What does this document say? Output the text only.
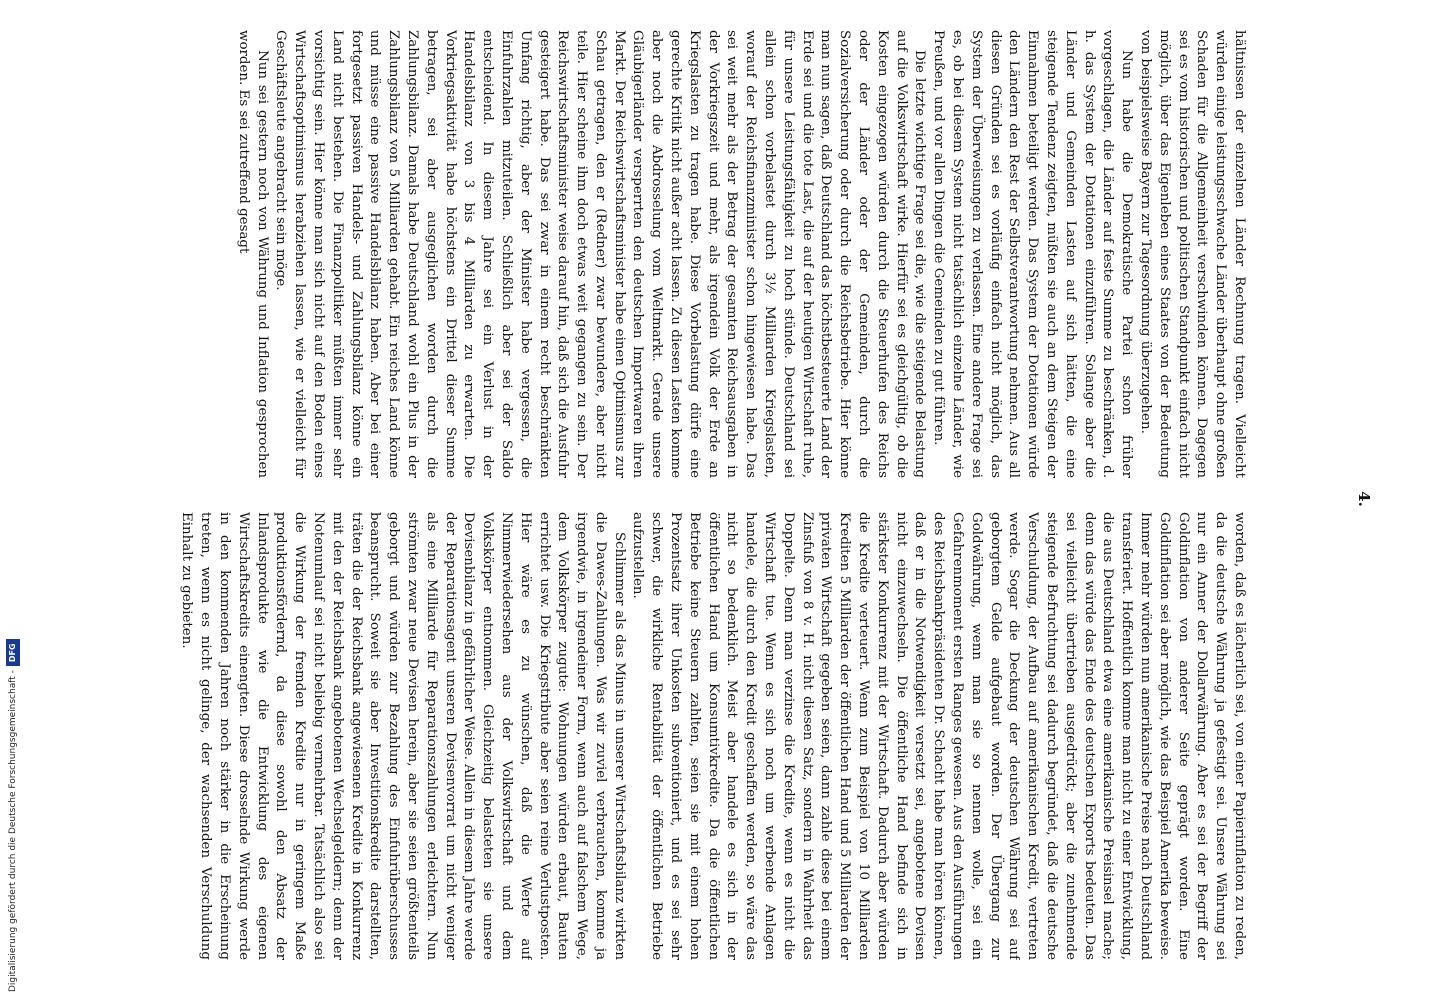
Digitalisierung gefördert durch die Deutsche Forschungsgemeinschaft -
DFG
4.

hältnissen der einzelnen Länder Rechnung tragen. Vielleicht würden einige leistungsschwache Länder überhaupt ohne großen Schaden für die Allgemeinheit verschwinden können. Dagegen sei es vom historischen und politischen Standpunkt einfach nicht möglich, über das Eigenleben eines Staates von der Bedeutung von beispielsweise Bayern zur Tagesordnung überzugehen.

Nun habe die Demokratische Partei schon früher vorgeschlagen, die Länder auf feste Summe zu beschränken, d. h. das System der Dotationen einzuführen. Solange aber die Länder und Gemeinden Lasten auf sich hätten, die eine steigende Tendenz zeigten, müßten sie auch an dem Steigen der Einnahmen beteiligt werden. Das System der Dotationen würde den Ländern den Rest der Selbstverantwortung nehmen. Aus all diesen Gründen sei es vorläufig einfach nicht möglich, das System der Überweisungen zu verlassen. Eine andere Frage sei es, ob bei diesem System nicht tatsächlich einzelne Länder, wie Preußen, und vor allen Dingen die Gemeinden zu gut führen.

Die letzte wichtige Frage sei die, wie die steigende Belastung auf die Volkswirtschaft wirke. Hierfür sei es gleichgültig, ob die Kosten eingezogen würden durch die Steuerhufen des Reichs oder der Länder oder der Gemeinden, durch die Sozialversicherung oder durch die Reichsbetriebe. Hier könne man nun sagen, daß Deutschland das höchstbesteuerte Land der Erde sei und die tote Last, die auf der heutigen Wirtschaft ruhe, für unsere Leistungsfähigkeit zu hoch stünde. Deutschland sei allein schon vorbelastet durch 3½ Milliarden Kriegslasten, worauf der Reichsfinanzminister schon hingewiesen habe. Das sei weit mehr als der Betrag der gesamten Reichsausgaben in der Vorkriegszeit und mehr, als irgendein Volk der Erde an Kriegslasten zu tragen habe. Diese Vorbelastung dürfe eine gerechte Kritik nicht außer acht lassen. Zu diesen Lasten komme aber noch die Abdrosselung vom Weltmarkt. Gerade unsere Gläubigerländer versperrten den deutschen Importwaren ihren Markt. Der Reichswirtschaftsminister habe einen Optimismus zur Schau getragen, den er (Redner) zwar bewundere, aber nicht teile. Hier scheine ihm doch etwas weit gegangen zu sein. Der Reichswirtschaftsminister weise darauf hin, daß sich die Ausfuhr gesteigert habe. Das sei zwar in einem recht beschränkten Umfang richtig, aber der Minister habe vergessen, die Einfuhrzahlen mitzuteilen. Schließlich aber sei der Saldo entscheidend. In diesem Jahre sei ein Verlust in der Handelsbilanz von 3 bis 4 Milliarden zu erwarten. Die Vorkriegsaktivität habe höchstens ein Drittel dieser Summe betragen, sei aber ausgeglichen worden durch die Zahlungsbilanz. Damals habe Deutschland wohl ein Plus in der Zahlungsbilanz von 5 Milliarden gehabt. Ein reiches Land könne und müsse eine passive Handelsbilanz haben. Aber bei einer fortgesetzt passiven Handels- und Zahlungsbilanz könne ein Land nicht bestehen. Die Finanzpolitiker müßten immer sehr vorsichtig sein. Hier könne man sich nicht auf den Boden eines Wirtschaftsoptimismus herabziehen lassen, wie er vielleicht für Geschäftsleute angebracht sein möge.

Nun sei gestern noch von Währung und Inflation gesprochen worden. Es sei zutreffend gesagt

worden, daß es lächerlich sei, von einer Papierinflation zu reden, da die deutsche Währung ja gefestigt sei. Unsere Währung sei nur ein Anner der Dollarwährung. Aber es sei der Begriff der Goldinflation von anderer Seite geprägt worden. Eine Goldinflation sei aber möglich, wie das Beispiel Amerika beweise. Immer mehr würden nun amerikanische Preise nach Deutschland transferiert. Hoffentlich komme man nicht zu einer Entwicklung, die aus Deutschland etwa eine amerikanische Preisinsel mache; denn das würde das Ende des deutschen Exports bedeuten. Das sei vielleicht übertrieben ausgedrückt; aber die zunehmende steigende Befruchtung sei dadurch begründet, daß die deutsche Verschuldung, der Aufbau auf amerikanischen Kredit, vertreten werde. Sogar die Deckung der deutschen Währung sei auf geborgtem Gelde aufgebaut worden. Der Übergang zur Goldwährung, wenn man sie so nennen wolle, sei ein Gefahrenmoment ersten Ranges gewesen. Aus den Ausführungen des Reichsbankpräsidenten Dr. Schacht habe man hören können, daß er in die Notwendigkeit versetzt sei, angebotene Devisen nicht einzuwechseln. Die öffentliche Hand befinde sich in stärkster Konkurrenz mit der Wirtschaft. Dadurch aber würden die Kredite verteuert. Wenn zum Beispiel von 10 Milliarden Krediten 5 Milliarden der öffentlichen Hand und 5 Milliarden der privaten Wirtschaft gegeben seien, dann zahle diese bei einem Zinsfuß von 8 v. H. nicht diesen Satz, sondern in Wahrheit das Doppelte. Denn man verzinse die Kredite, wenn es nicht die Wirtschaft tue. Wenn es sich noch um werbende Anlagen handele, die durch den Kredit geschaffen werden, so wäre das nicht so bedenklich. Meist aber handele es sich in der öffentlichen Hand um Konsumtivkredite. Da die öffentlichen Betriebe keine Steuern zahlten, seien sie mit einem hohen Prozentsatz ihrer Unkosten subventioniert, und es sei sehr schwer, die wirkliche Rentabilität der öffentlichen Betriebe aufzustellen.

Schlimmer als das Minus in unserer Wirtschaftsbilanz wirkten die Dawes-Zahlungen. Was wir zuviel verbrauchen, komme ja irgendwie, in irgendeiner Form, wenn auch auf falschem Wege, dem Volkskörper zugute: Wohnungen würden erbaut, Bauten errichtet usw. Die Kriegstribute aber seien reine Verlustposten. Hier wäre es zu wünschen, daß die Werte auf Nimmerwiedersehen aus der Volkswirtschaft und dem Volkskörper entnommen. Gleichzeitig belasteten sie unsere Devisenbilanz in gefährlicher Weise. Allein in diesem Jahre werde der Reparationsagent unseren Devisenvorrat um nicht weniger als eine Milliarde für Reparationszahlungen erleichtern. Nun strömten zwar neue Devisen herein, aber sie seien größtenteils geborgt und würden zur Bezahlung des Einfuhrüberschusses beansprucht. Soweit sie aber Investitionskredite darstellten, träten die der Reichsbank angewiesenen Kredite in Konkurrenz mit den der Reichsbank angebotenen Wechselgeldern; denn der Notenumlauf sei nicht beliebig vermehrbar. Tatsächlich also sei die Wirkung der fremden Kredite nur in geringem Maße produktionsfördernd, da diese sowohl den Absatz der Inlandsprodukte wie die Entwicklung des eigenen Wirtschaftskredits einengten. Diese drosselnde Wirkung werde in den kommenden Jahren noch stärker in die Erscheinung treten, wenn es nicht gelinge, der wachsenden Verschuldung Einhalt zu gebieten.
